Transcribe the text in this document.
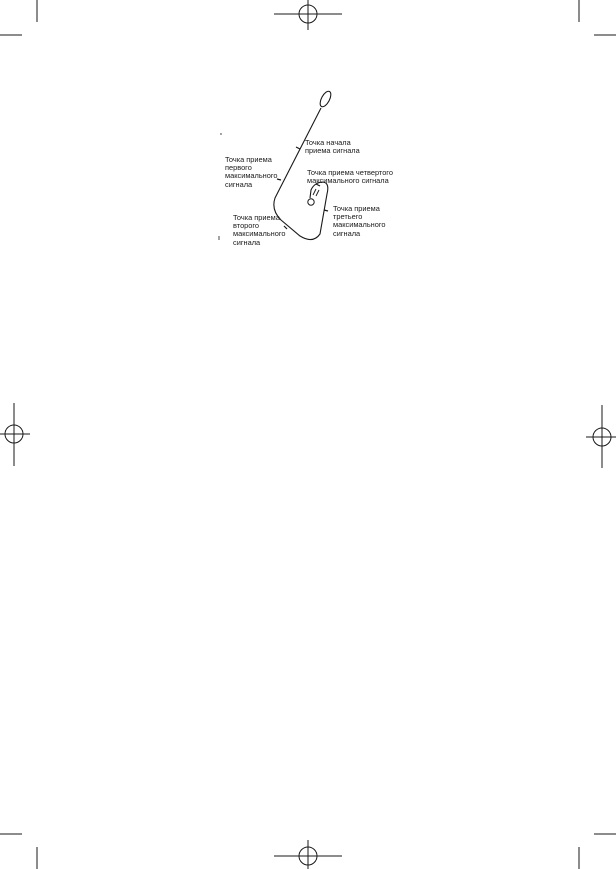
Точка начала
приема сигнала
Точка приема
первого
максимального
сигнала
Точка приема четвертого
максимального сигнала
Точка приема
третьего
максимального
сигнала
Точка приема
второго
максимального
сигнала
